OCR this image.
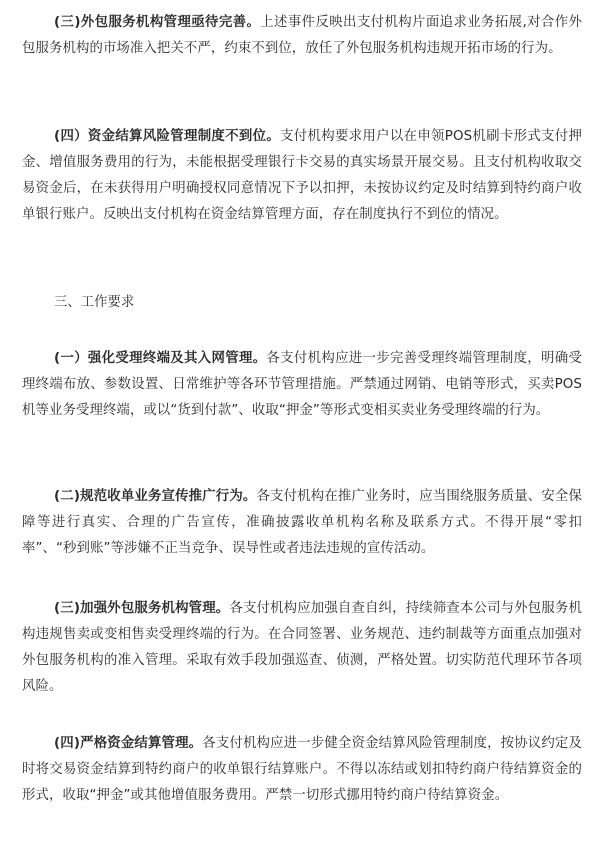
(三)外包服务机构管理亟待完善。上述事件反映出支付机构片面追求业务拓展,对合作外包服务机构的市场准入把关不严，约束不到位，放任了外包服务机构违规开拓市场的行为。

(四）资金结算风险管理制度不到位。支付机构要求用户以在申领POS机刷卡形式支付押金、增值服务费用的行为，未能根据受理银行卡交易的真实场景开展交易。且支付机构收取交易资金后，在未获得用户明确授权同意情况下予以扣押，未按协议约定及时结算到特约商户收单银行账户。反映出支付机构在资金结算管理方面，存在制度执行不到位的情况。

三、工作要求

(一）强化受理终端及其入网管理。各支付机构应进一步完善受理终端管理制度，明确受理终端布放、参数设置、日常维护等各环节管理措施。严禁通过网销、电销等形式，买卖POS机等业务受理终端，或以“货到付款”、收取“押金”等形式变相买卖业务受理终端的行为。

(二)规范收单业务宣传推广行为。各支付机构在推广业务时，应当围绕服务质量、安全保障等进行真实、合理的广告宣传，准确披露收单机构名称及联系方式。不得开展“零扣率”、“秒到账”等涉嫌不正当竞争、误导性或者违法违规的宣传活动。

(三)加强外包服务机构管理。各支付机构应加强自查自纠，持续筛查本公司与外包服务机构违规售卖或变相售卖受理终端的行为。在合同签署、业务规范、违约制裁等方面重点加强对外包服务机构的准入管理。采取有效手段加强巡查、侦测，严格处置。切实防范代理环节各项风险。

(四)严格资金结算管理。各支付机构应进一步健全资金结算风险管理制度，按协议约定及时将交易资金结算到特约商户的收单银行结算账户。不得以冻结或划扣特约商户待结算资金的形式，收取“押金”或其他增值服务费用。严禁一切形式挪用特约商户待结算资金。
